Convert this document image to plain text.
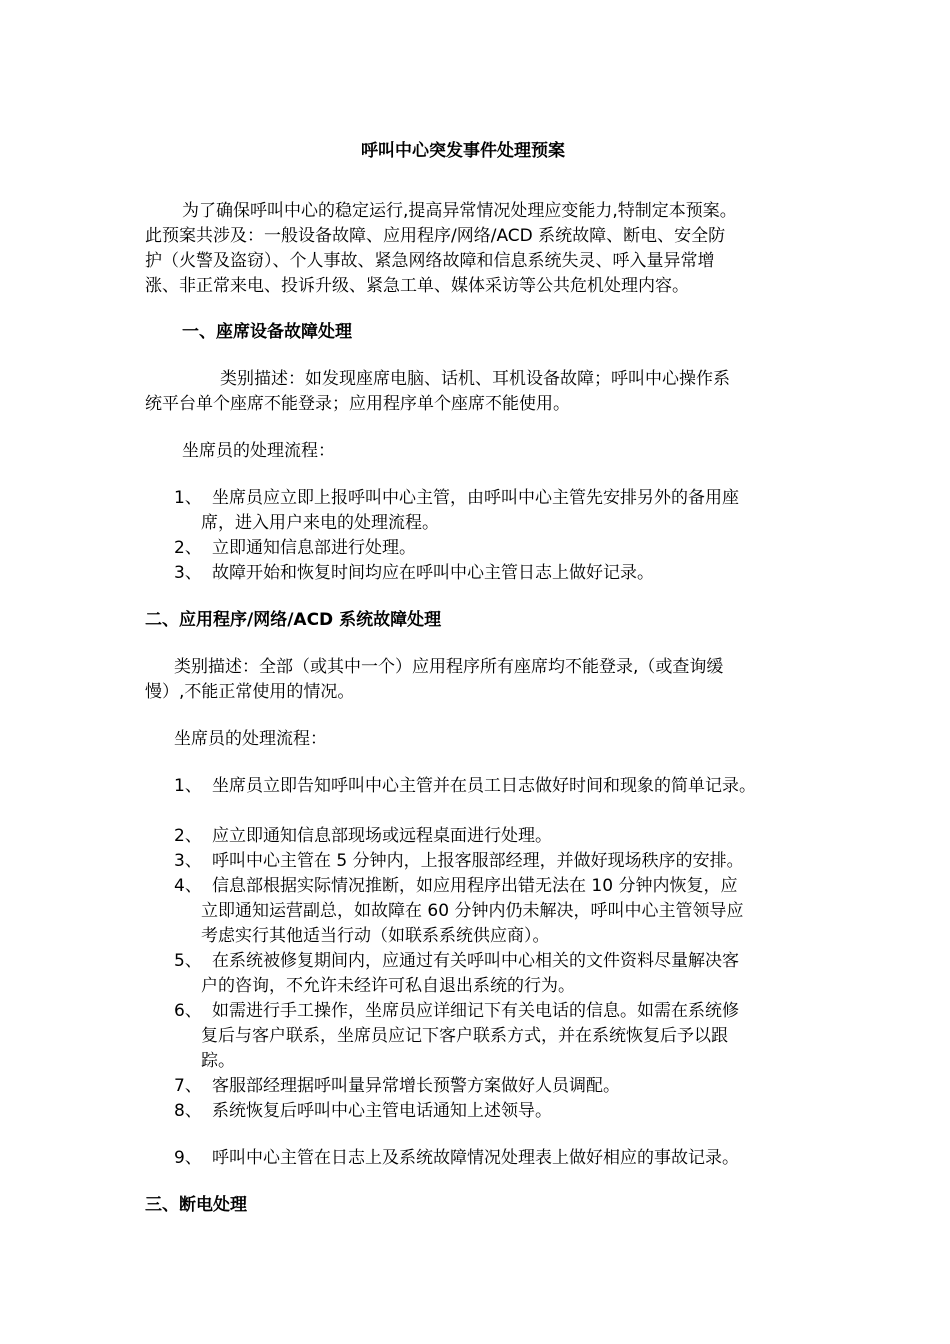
呼叫中心突发事件处理预案
为了确保呼叫中心的稳定运行,提高异常情况处理应变能力,特制定本预案。
此预案共涉及：一般设备故障、应用程序/网络/ACD 系统故障、断电、安全防
护（火警及盗窃）、个人事故、紧急网络故障和信息系统失灵、呼入量异常增
涨、非正常来电、投诉升级、紧急工单、媒体采访等公共危机处理内容。
一、座席设备故障处理
类别描述：如发现座席电脑、话机、耳机设备故障；呼叫中心操作系
统平台单个座席不能登录；应用程序单个座席不能使用。
坐席员的处理流程：
1、 坐席员应立即上报呼叫中心主管，由呼叫中心主管先安排另外的备用座
席，进入用户来电的处理流程。
2、 立即通知信息部进行处理。
3、 故障开始和恢复时间均应在呼叫中心主管日志上做好记录。
二、应用程序/网络/ACD 系统故障处理
类别描述：全部（或其中一个）应用程序所有座席均不能登录,（或查询缓
慢）,不能正常使用的情况。
坐席员的处理流程：
1、 坐席员立即告知呼叫中心主管并在员工日志做好时间和现象的简单记录。
2、 应立即通知信息部现场或远程桌面进行处理。
3、 呼叫中心主管在 5 分钟内，上报客服部经理，并做好现场秩序的安排。
4、 信息部根据实际情况推断，如应用程序出错无法在 10 分钟内恢复，应
立即通知运营副总，如故障在 60 分钟内仍未解决，呼叫中心主管领导应
考虑实行其他适当行动（如联系系统供应商）。
5、 在系统被修复期间内，应通过有关呼叫中心相关的文件资料尽量解决客
户的咨询，不允许未经许可私自退出系统的行为。
6、 如需进行手工操作，坐席员应详细记下有关电话的信息。如需在系统修
复后与客户联系，坐席员应记下客户联系方式，并在系统恢复后予以跟
踪。
7、 客服部经理据呼叫量异常增长预警方案做好人员调配。
8、 系统恢复后呼叫中心主管电话通知上述领导。
9、 呼叫中心主管在日志上及系统故障情况处理表上做好相应的事故记录。
三、断电处理
